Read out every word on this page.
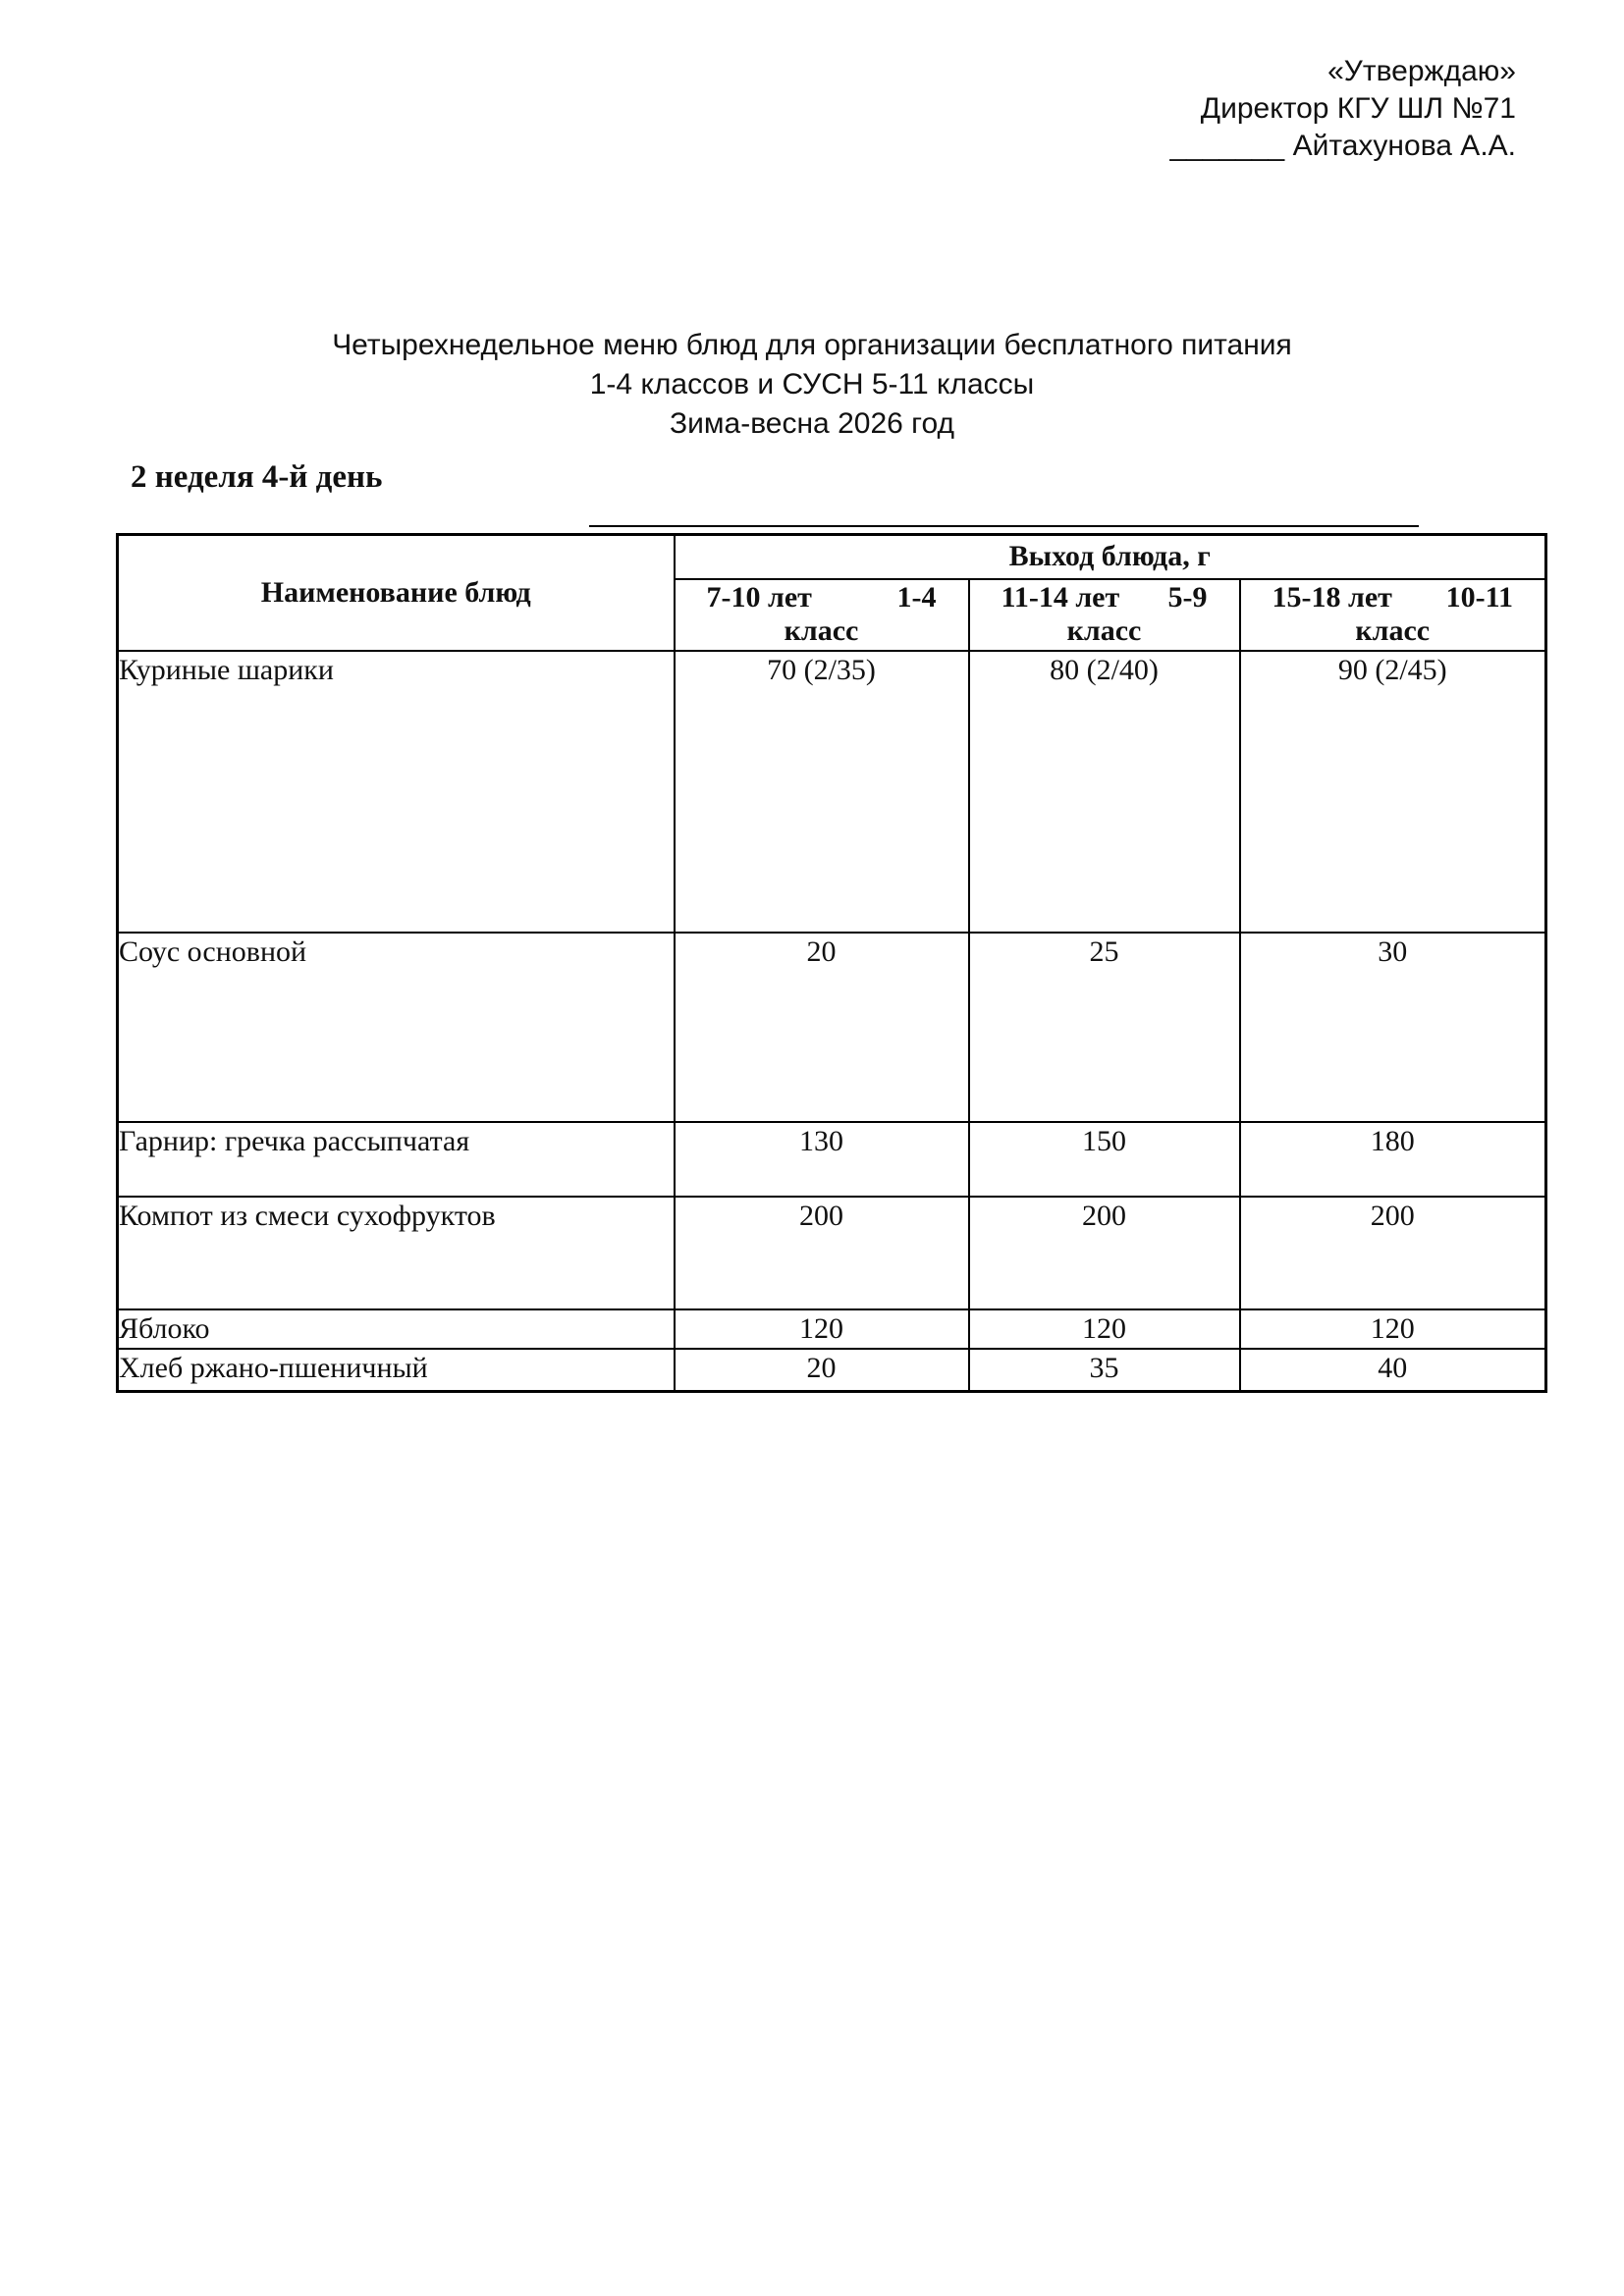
«Утверждаю»
Директор КГУ ШЛ №71
_______ Айтахунова А.А.
Четырехнедельное меню блюд для организации бесплатного питания
1-4 классов и СУСН 5-11 классы
Зима-весна 2026 год
2 неделя 4-й день
Наименование блюд	Выход блюда, г		

7-10 лет	1-4
класс

11-14 лет 5-9
класс

15-18 лет 10-11
класс

Куриные шарики	70 (2/35)	80 (2/40)	90 (2/45)
Соус основной	20	25	30
Гарнир: гречка рассыпчатая	130	150	180
Компот из смеси сухофруктов	200	200	200
Яблоко	120	120	120
Хлеб ржано-пшеничный	20	35	40
